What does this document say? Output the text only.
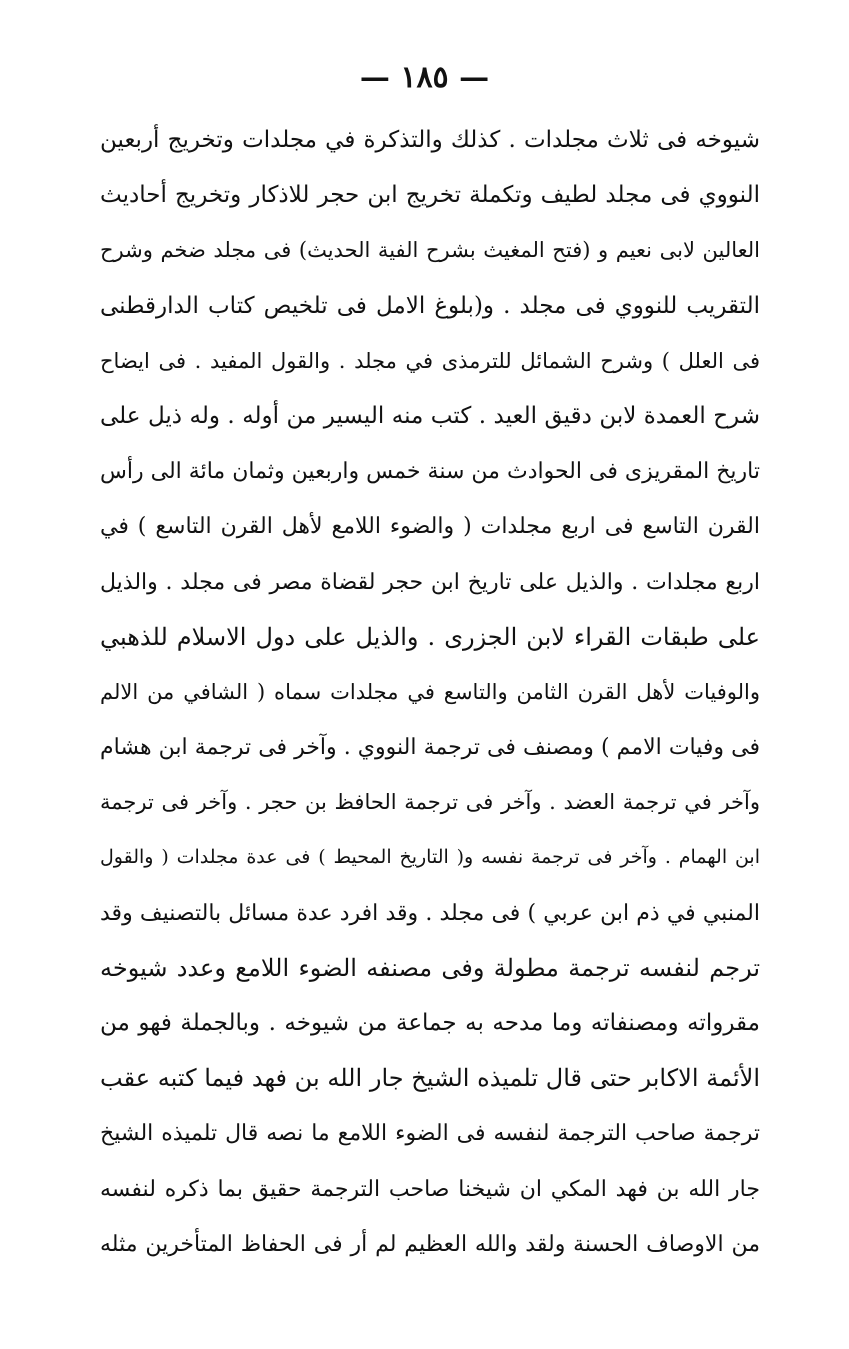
— ١٨٥ —
شيوخه فى ثلاث مجلدات . كذلك والتذكرة في مجلدات وتخريج أربعين
النووي فى مجلد لطيف وتكملة تخريج ابن حجر للاذكار وتخريج أحاديث
العالين لابى نعيم و (فتح المغيث بشرح الفية الحديث) فى مجلد ضخم وشرح
التقريب للنووي فى مجلد . و(بلوغ الامل فى تلخيص كتاب الدارقطنى
فى العلل ) وشرح الشمائل للترمذى في مجلد . والقول المفيد . فى ايضاح
شرح العمدة لابن دقيق العيد . كتب منه اليسير من أوله . وله ذيل على
تاريخ المقريزى فى الحوادث من سنة خمس واربعين وثمان مائة الى رأس
القرن التاسع فى اربع مجلدات ( والضوء اللامع لأهل القرن التاسع ) في
اربع مجلدات . والذيل على تاريخ ابن حجر لقضاة مصر فى مجلد . والذيل
على طبقات القراء لابن الجزرى . والذيل على دول الاسلام للذهبي
والوفيات لأهل القرن الثامن والتاسع في مجلدات سماه ( الشافي من الالم
فى وفيات الامم ) ومصنف فى ترجمة النووي . وآخر فى ترجمة ابن هشام
وآخر في ترجمة العضد . وآخر فى ترجمة الحافظ بن حجر . وآخر فى ترجمة
ابن الهمام . وآخر فى ترجمة نفسه و( التاريخ المحيط ) فى عدة مجلدات ( والقول
المنبي في ذم ابن عربي ) فى مجلد . وقد افرد عدة مسائل بالتصنيف وقد
ترجم لنفسه ترجمة مطولة وفى مصنفه الضوء اللامع وعدد شيوخه
مقرواته ومصنفاته وما مدحه به جماعة من شيوخه . وبالجملة فهو من
الأئمة الاكابر حتى قال تلميذه الشيخ جار الله بن فهد فيما كتبه عقب
ترجمة صاحب الترجمة لنفسه فى الضوء اللامع ما نصه قال تلميذه الشيخ
جار الله بن فهد المكي ان شيخنا صاحب الترجمة حقيق بما ذكره لنفسه
من الاوصاف الحسنة ولقد والله العظيم لم أر فى الحفاظ المتأخرين مثله
